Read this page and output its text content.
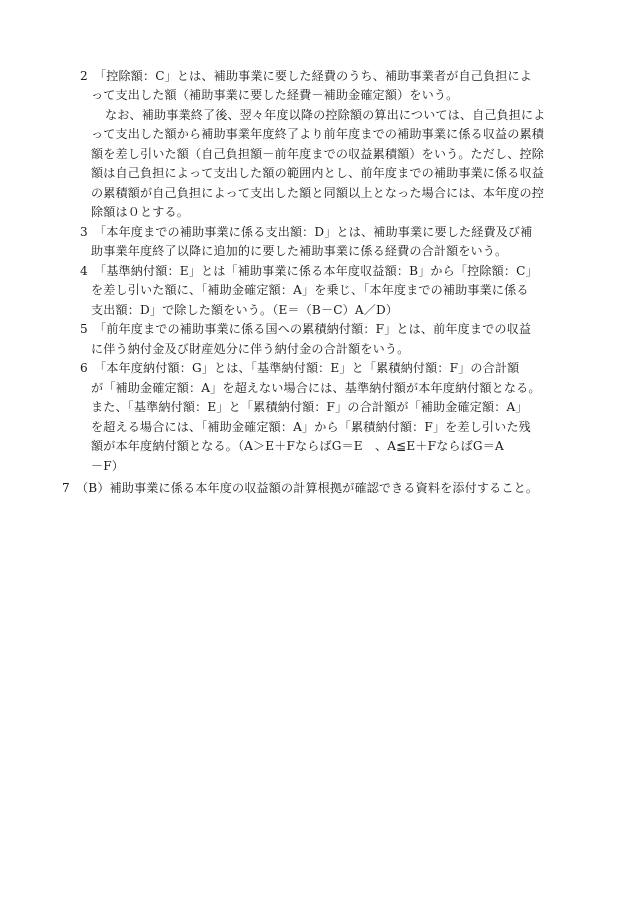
2　「控除額：C」とは、補助事業に要した経費のうち、補助事業者が自己負担によ
って支出した額（補助事業に要した経費－補助金確定額）をいう。
なお、補助事業終了後、翌々年度以降の控除額の算出については、自己負担によ
って支出した額から補助事業年度終了より前年度までの補助事業に係る収益の累積
額を差し引いた額（自己負担額－前年度までの収益累積額）をいう。ただし、控除
額は自己負担によって支出した額の範囲内とし、前年度までの補助事業に係る収益
の累積額が自己負担によって支出した額と同額以上となった場合には、本年度の控
除額は０とする。
3　「本年度までの補助事業に係る支出額：D」とは、補助事業に要した経費及び補
助事業年度終了以降に追加的に要した補助事業に係る経費の合計額をいう。
4　「基準納付額：E」とは「補助事業に係る本年度収益額：B」から「控除額：C」
を差し引いた額に、「補助金確定額：A」を乗じ、「本年度までの補助事業に係る
支出額：D」で除した額をいう。（E＝（B－C）A／D）
5　「前年度までの補助事業に係る国への累積納付額：F」とは、前年度までの収益
に伴う納付金及び財産処分に伴う納付金の合計額をいう。
6　「本年度納付額：G」とは、「基準納付額：E」と「累積納付額：F」の合計額
が「補助金確定額：A」を超えない場合には、基準納付額が本年度納付額となる。
また、「基準納付額：E」と「累積納付額：F」の合計額が「補助金確定額：A」
を超える場合には、「補助金確定額：A」から「累積納付額：F」を差し引いた残
額が本年度納付額となる。（A＞E＋FならばG＝E　、A≦E＋FならばG＝A
－F）
7　（B）補助事業に係る本年度の収益額の計算根拠が確認できる資料を添付すること。
